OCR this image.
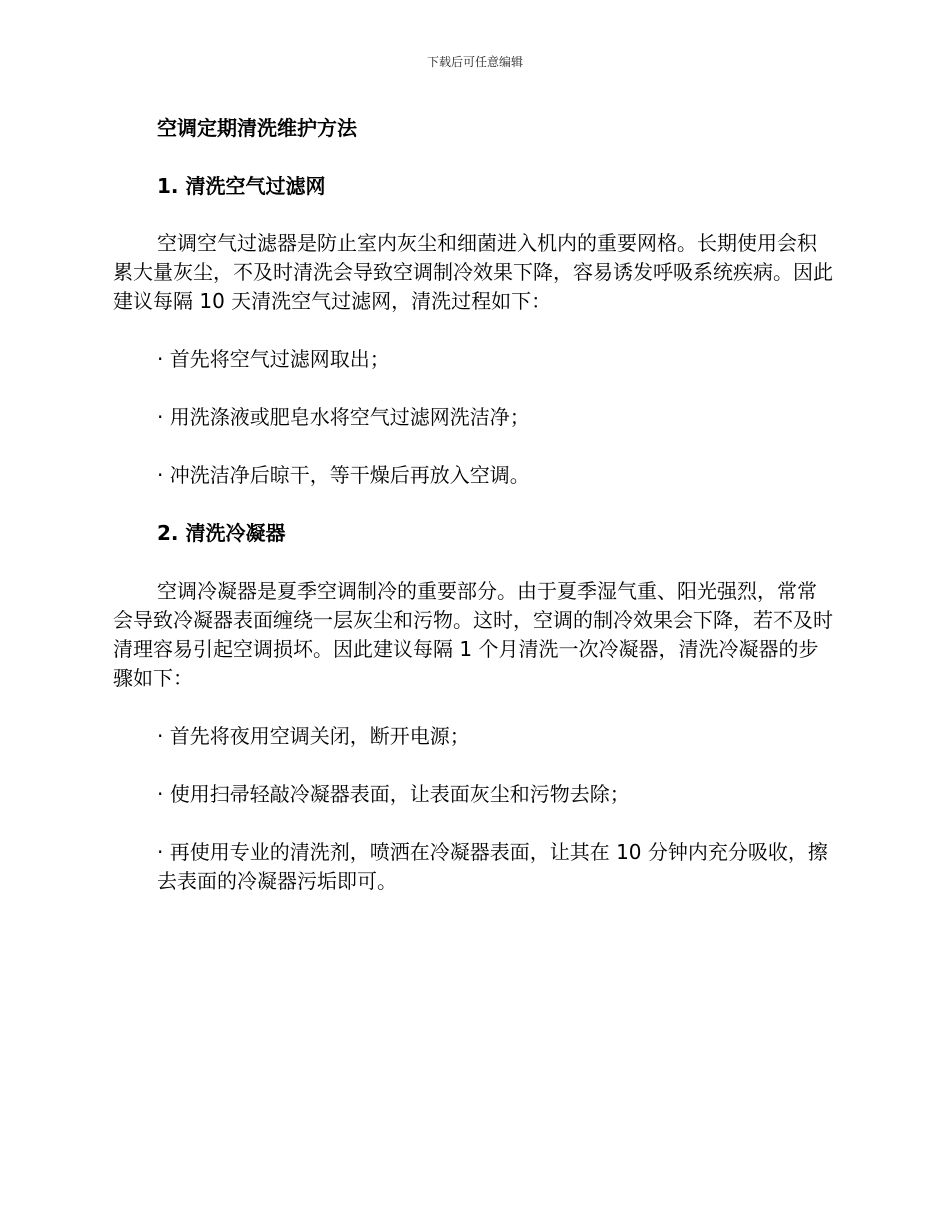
下载后可任意编辑

空调定期清洗维护方法

1. 清洗空气过滤网

空调空气过滤器是防止室内灰尘和细菌进入机内的重要网格。长期使用会积累大量灰尘，不及时清洗会导致空调制冷效果下降，容易诱发呼吸系统疾病。因此建议每隔 10 天清洗空气过滤网，清洗过程如下：

· 首先将空气过滤网取出；

· 用洗涤液或肥皂水将空气过滤网洗洁净；

· 冲洗洁净后晾干，等干燥后再放入空调。

2. 清洗冷凝器

空调冷凝器是夏季空调制冷的重要部分。由于夏季湿气重、阳光强烈，常常会导致冷凝器表面缠绕一层灰尘和污物。这时，空调的制冷效果会下降，若不及时清理容易引起空调损坏。因此建议每隔 1 个月清洗一次冷凝器，清洗冷凝器的步骤如下：

· 首先将夜用空调关闭，断开电源；

· 使用扫帚轻敲冷凝器表面，让表面灰尘和污物去除；

· 再使用专业的清洗剂，喷洒在冷凝器表面，让其在 10 分钟内充分吸收，擦去表面的冷凝器污垢即可。
